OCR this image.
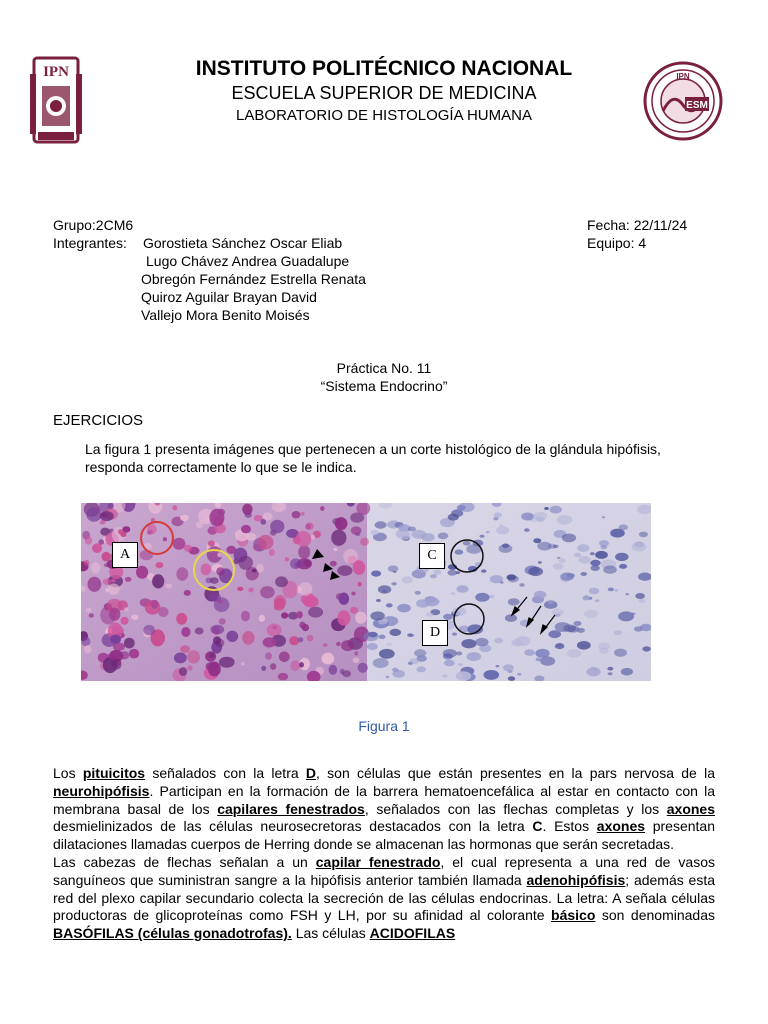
IPN	IPN
ESM
INSTITUTO POLITÉCNICO NACIONAL
ESCUELA SUPERIOR DE MEDICINA
LABORATORIO DE HISTOLOGÍA HUMANA
Grupo:2CM6
Integrantes: Gorostieta Sánchez Oscar Eliab
Lugo Chávez Andrea Guadalupe
Obregón Fernández Estrella Renata
Quiroz Aguilar Brayan David
Vallejo Mora Benito Moisés
Fecha: 22/11/24
Equipo: 4
Práctica No. 11
“Sistema Endocrino”
EJERCICIOS
La figura 1 presenta imágenes que pertenecen a un corte histológico de la glándula hipófisis, responda correctamente lo que se le indica.
A	C
D
Figura 1
Los pituicitos señalados con la letra D, son células que están presentes en la pars nervosa de la neurohipófisis. Participan en la formación de la barrera hematoencefálica al estar en contacto con la membrana basal de los capilares fenestrados, señalados con las flechas completas y los axones desmielinizados de las células neurosecretoras destacados con la letra C. Estos axones presentan dilataciones llamadas cuerpos de Herring donde se almacenan las hormonas que serán secretadas.
Las cabezas de flechas señalan a un capilar fenestrado, el cual representa a una red de vasos sanguíneos que suministran sangre a la hipófisis anterior también llamada adenohipófisis; además esta red del plexo capilar secundario colecta la secreción de las células endocrinas. La letra: A señala células productoras de glicoproteínas como FSH y LH, por su afinidad al colorante básico son denominadas BASÓFILAS (células gonadotrofas). Las células ACIDOFILAS
